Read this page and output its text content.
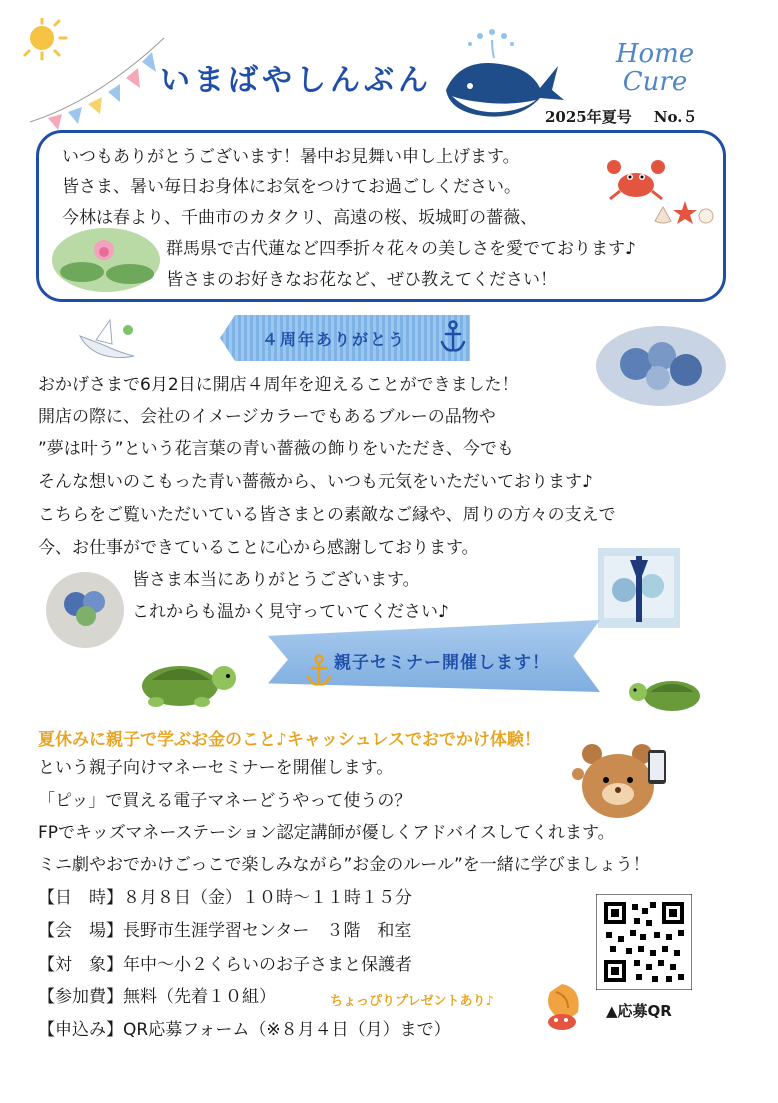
いまばやしんぶん
Home
Cure
2025年夏号 No.５
いつもありがとうございます！暑中お見舞い申し上げます。
皆さま、暑い毎日お身体にお気をつけてお過ごしください。
今林は春より、千曲市のカタクリ、高遠の桜、坂城町の薔薇、
群馬県で古代蓮など四季折々花々の美しさを愛でております♪
皆さまのお好きなお花など、ぜひ教えてください！
４周年ありがとう
おかげさまで6月2日に開店４周年を迎えることができました！
開店の際に、会社のイメージカラーでもあるブルーの品物や
”夢は叶う”という花言葉の青い薔薇の飾りをいただき、今でも
そんな想いのこもった青い薔薇から、いつも元気をいただいております♪
こちらをご覧いただいている皆さまとの素敵なご縁や、周りの方々の支えで
今、お仕事ができていることに心から感謝しております。
皆さま本当にありがとうございます。
これからも温かく見守っていてください♪
親子セミナー開催します！
夏休みに親子で学ぶお金のこと♪キャッシュレスでおでかけ体験！
という親子向けマネーセミナーを開催します。
「ピッ」で買える電子マネーどうやって使うの？
FPでキッズマネーステーション認定講師が優しくアドバイスしてくれます。
ミニ劇やおでかけごっこで楽しみながら”お金のルール”を一緒に学びましょう！
【日　時】８月８日（金）１０時～１１時１５分
【会　場】長野市生涯学習センター　３階　和室
【対　象】年中～小２くらいのお子さまと保護者
【参加費】無料（先着１０組）	ちょっぴりプレゼントあり♪
【申込み】QR応募フォーム（※８月４日（月）まで）
▲応募QR
